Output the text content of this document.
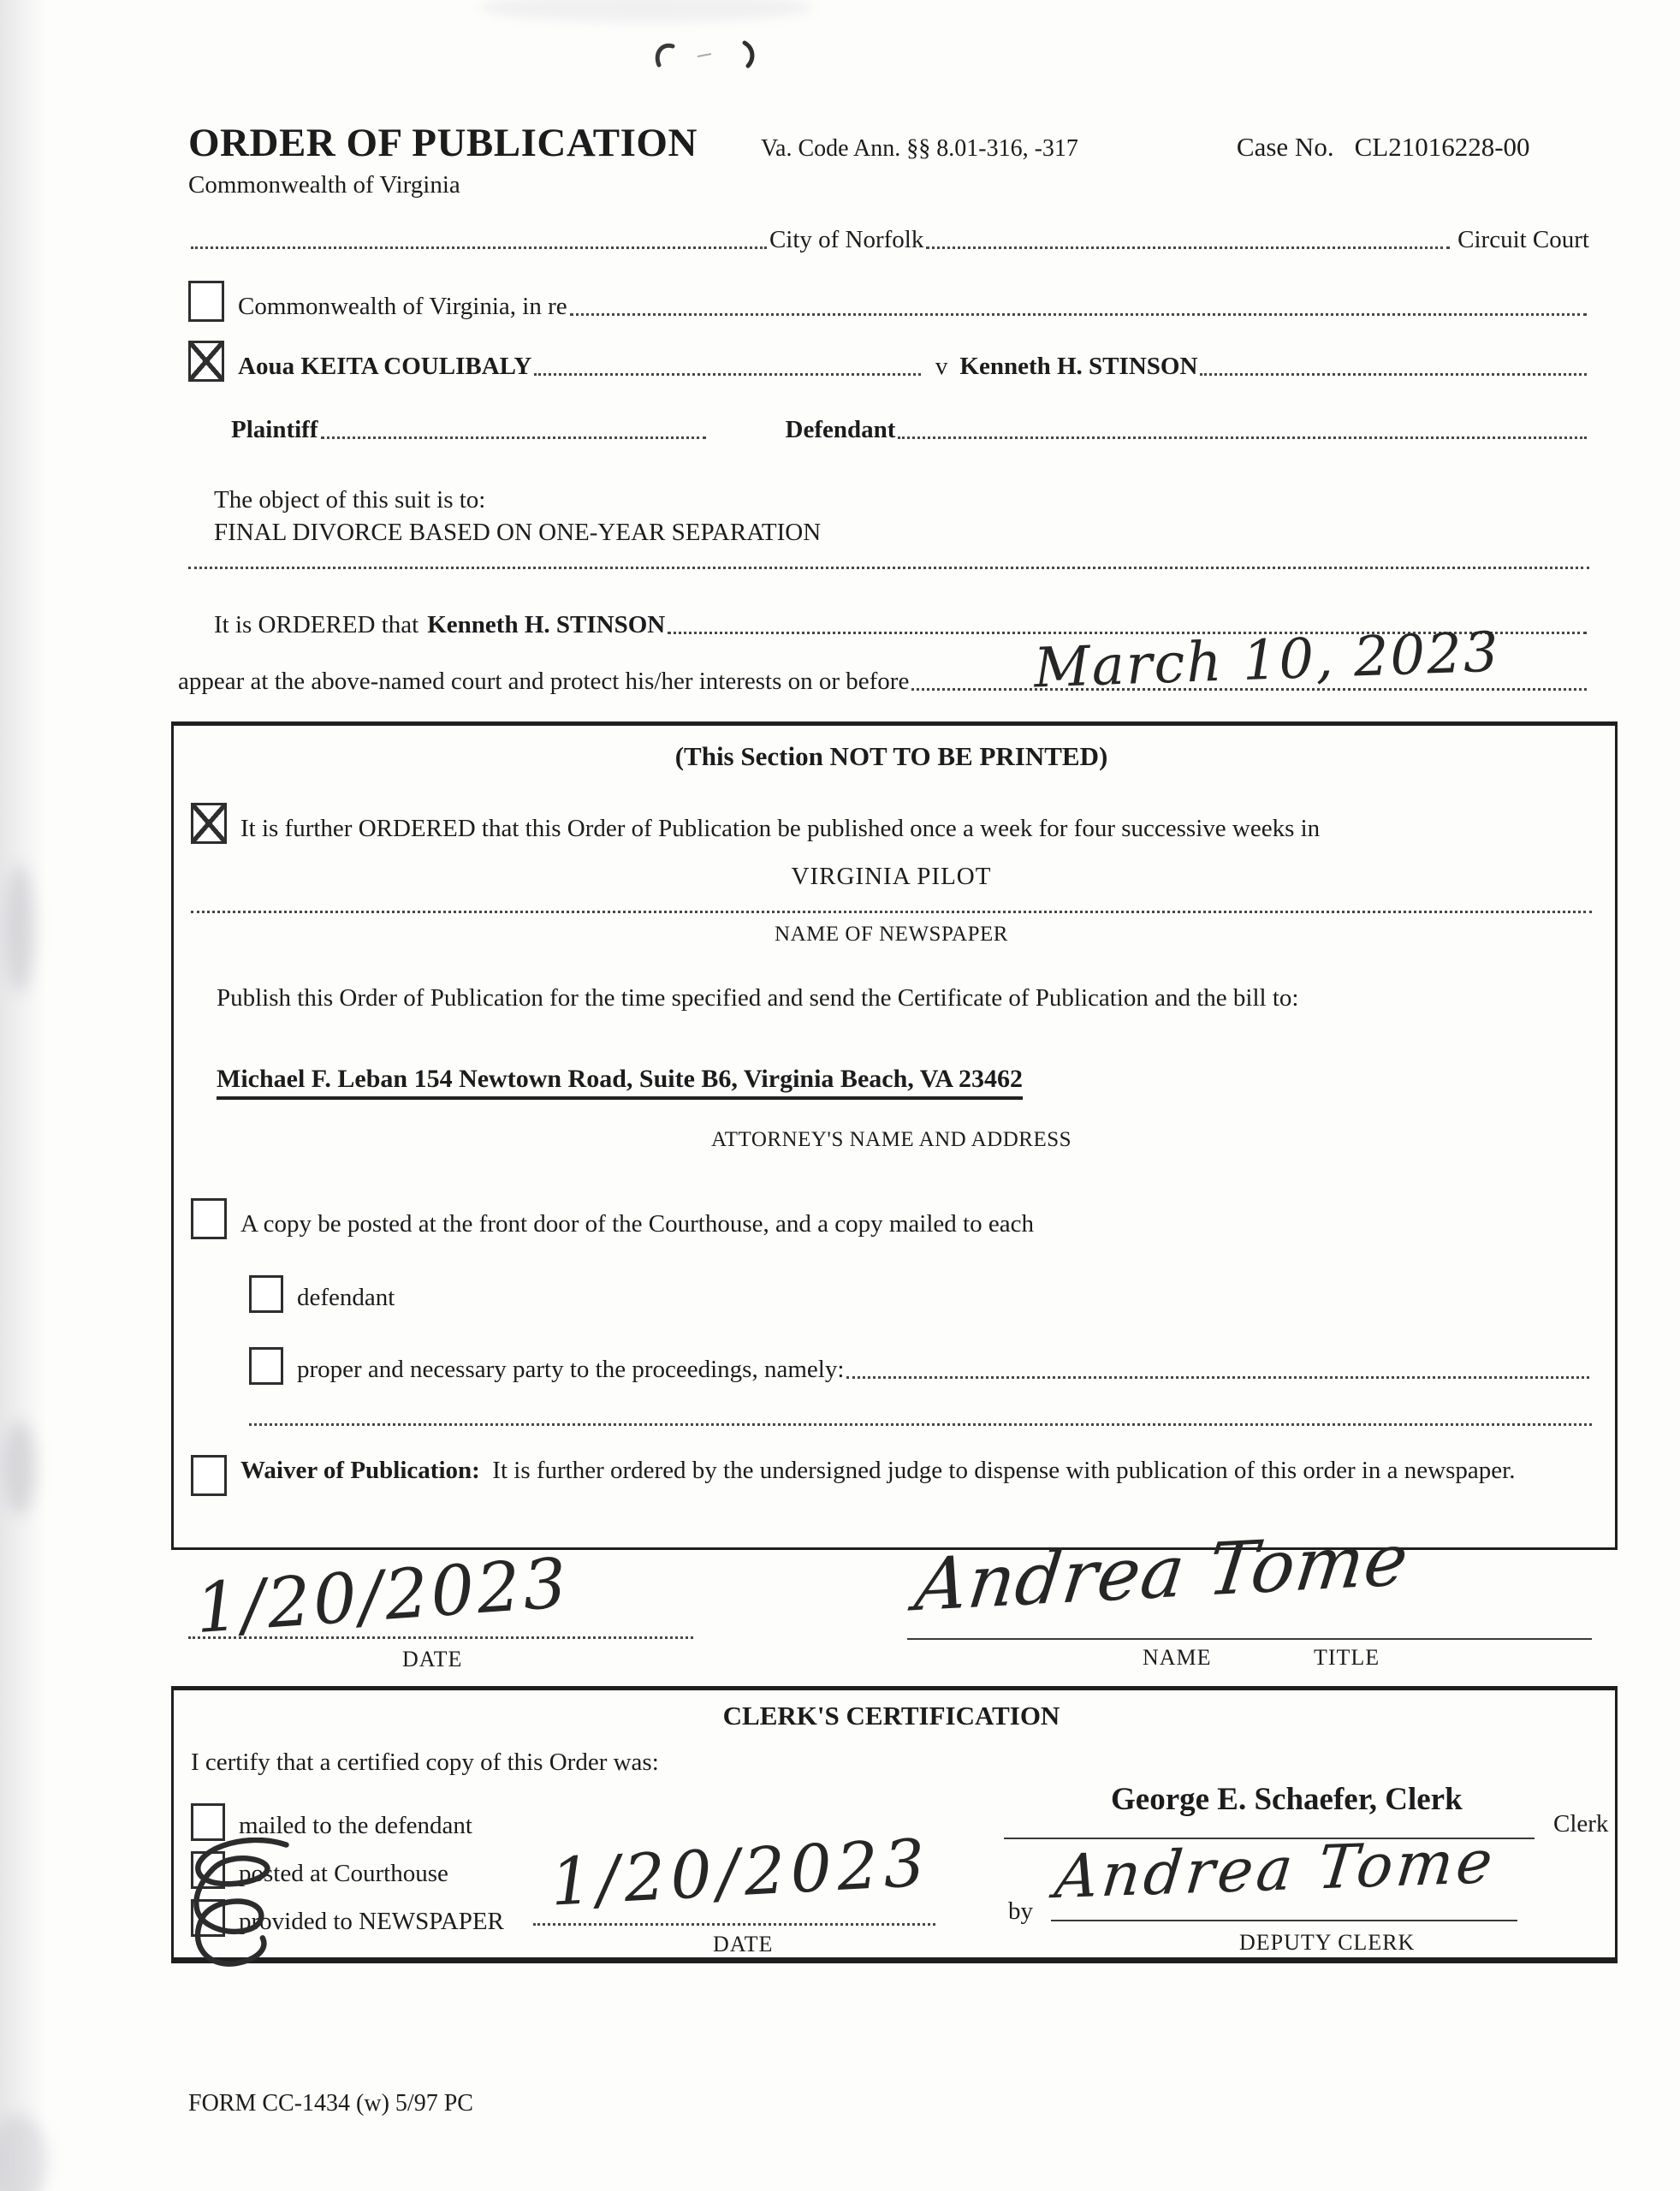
ORDER OF PUBLICATION	Va. Code Ann. §§ 8.01-316, -317	Case No. CL21016228-00
Commonwealth of Virginia
City of Norfolk	Circuit Court
Commonwealth of Virginia, in re
Aoua KEITA COULIBALY	v Kenneth H. STINSON
Plaintiff	Defendant
The object of this suit is to:
FINAL DIVORCE BASED ON ONE-YEAR SEPARATION
It is ORDERED that Kenneth H. STINSON
appear at the above-named court and protect his/her interests on or before March 10, 2023
(This Section NOT TO BE PRINTED)
It is further ORDERED that this Order of Publication be published once a week for four successive weeks in
VIRGINIA PILOT
NAME OF NEWSPAPER
Publish this Order of Publication for the time specified and send the Certificate of Publication and the bill to:
Michael F. Leban 154 Newtown Road, Suite B6, Virginia Beach, VA 23462
ATTORNEY'S NAME AND ADDRESS
A copy be posted at the front door of the Courthouse, and a copy mailed to each
defendant
proper and necessary party to the proceedings, namely:
Waiver of Publication: It is further ordered by the undersigned judge to dispense with publication of this order in a newspaper.
1/20/2023
DATE
Andrea Tome
NAME	TITLE
CLERK'S CERTIFICATION
I certify that a certified copy of this Order was:
George E. Schaefer, Clerk
Clerk
mailed to the defendant
posted at Courthouse
provided to NEWSPAPER
1/20/2023
DATE
by Andrea Tome
DEPUTY CLERK
FORM CC-1434 (w) 5/97 PC
